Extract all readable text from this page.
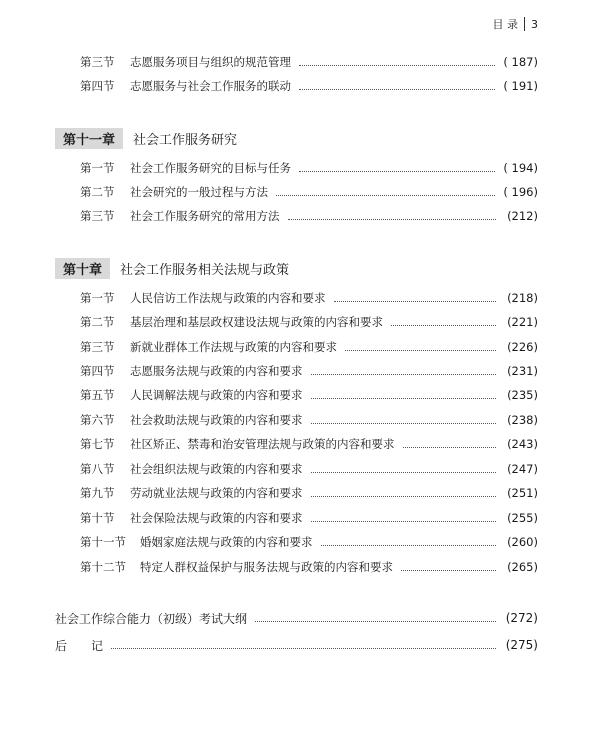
目 录 3
第三节 志愿服务项目与组织的规范管理	( 187)
第四节 志愿服务与社会工作服务的联动	( 191)
第十一章	社会工作服务研究
第一节 社会工作服务研究的目标与任务	( 194)
第二节 社会研究的一般过程与方法	( 196)
第三节 社会工作服务研究的常用方法	(212)
第十章	社会工作服务相关法规与政策
第一节 人民信访工作法规与政策的内容和要求	(218)
第二节 基层治理和基层政权建设法规与政策的内容和要求	(221)
第三节 新就业群体工作法规与政策的内容和要求	(226)
第四节 志愿服务法规与政策的内容和要求	(231)
第五节 人民调解法规与政策的内容和要求	(235)
第六节 社会救助法规与政策的内容和要求	(238)
第七节 社区矫正、禁毒和治安管理法规与政策的内容和要求	(243)
第八节 社会组织法规与政策的内容和要求	(247)
第九节 劳动就业法规与政策的内容和要求	(251)
第十节 社会保险法规与政策的内容和要求	(255)
第十一节 婚姻家庭法规与政策的内容和要求	(260)
第十二节 特定人群权益保护与服务法规与政策的内容和要求	(265)
社会工作综合能力（初级）考试大纲	(272)
后　　记	(275)
